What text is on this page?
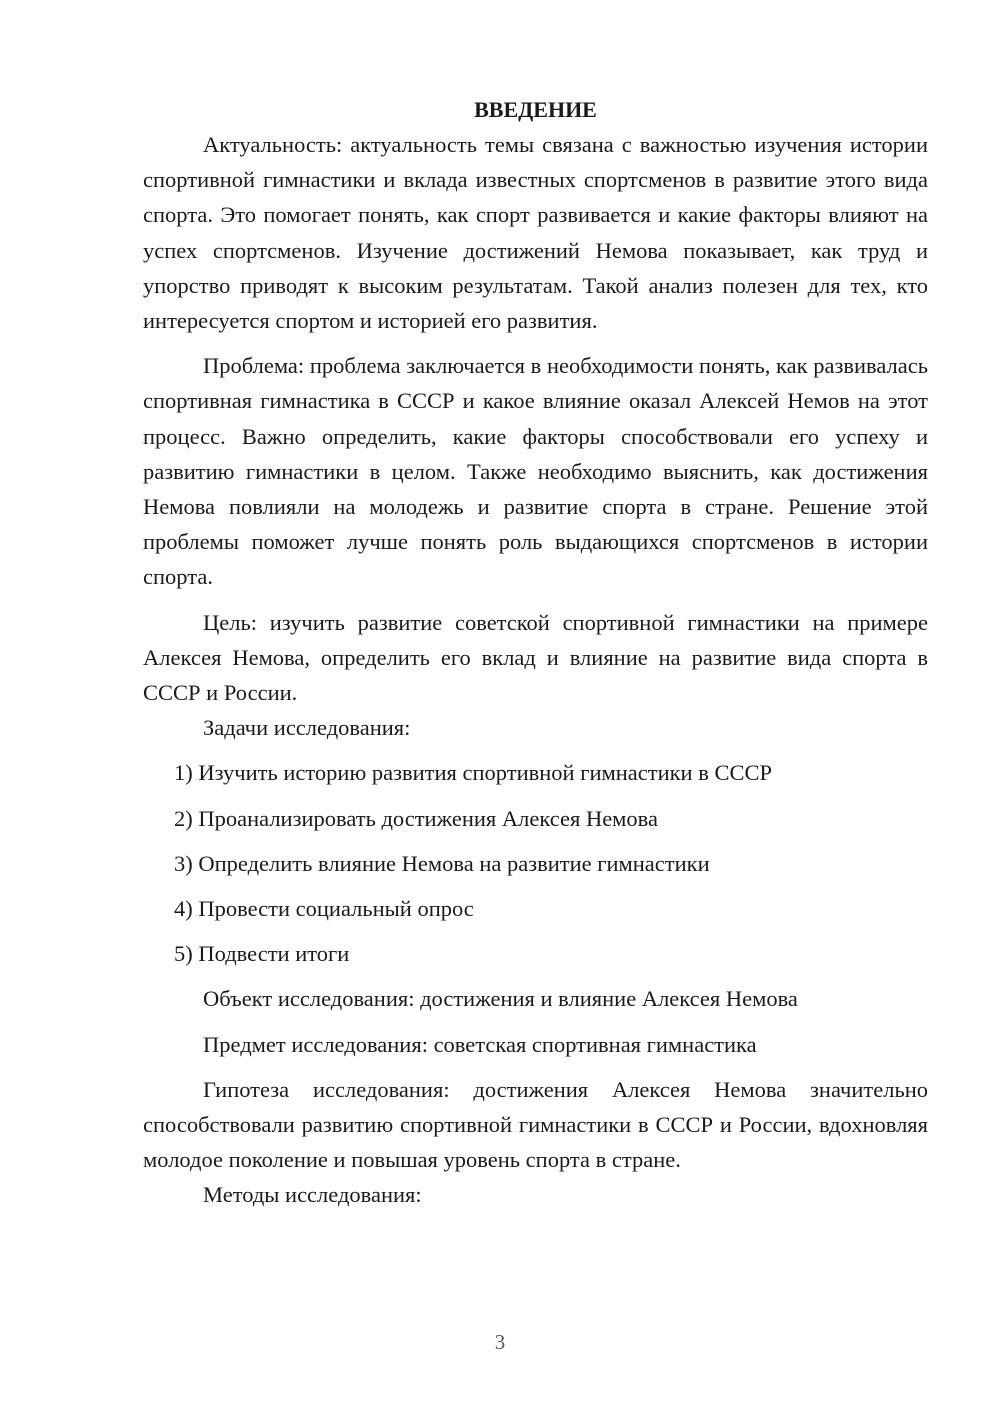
ВВЕДЕНИЕ

Актуальность: актуальность темы связана с важностью изучения истории спортивной гимнастики и вклада известных спортсменов в развитие этого вида спорта. Это помогает понять, как спорт развивается и какие факторы влияют на успех спортсменов. Изучение достижений Немова показывает, как труд и упорство приводят к высоким результатам. Такой анализ полезен для тех, кто интересуется спортом и историей его развития.

Проблема: проблема заключается в необходимости понять, как развивалась спортивная гимнастика в СССР и какое влияние оказал Алексей Немов на этот процесс. Важно определить, какие факторы способствовали его успеху и развитию гимнастики в целом. Также необходимо выяснить, как достижения Немова повлияли на молодежь и развитие спорта в стране. Решение этой проблемы поможет лучше понять роль выдающихся спортсменов в истории спорта.

Цель: изучить развитие советской спортивной гимнастики на примере Алексея Немова, определить его вклад и влияние на развитие вида спорта в СССР и России.

Задачи исследования:

1) Изучить историю развития спортивной гимнастики в СССР

2) Проанализировать достижения Алексея Немова

3) Определить влияние Немова на развитие гимнастики

4) Провести социальный опрос

5) Подвести итоги

Объект исследования: достижения и влияние Алексея Немова

Предмет исследования: советская спортивная гимнастика

Гипотеза исследования: достижения Алексея Немова значительно способствовали развитию спортивной гимнастики в СССР и России, вдохновляя молодое поколение и повышая уровень спорта в стране.

Методы исследования:

3
